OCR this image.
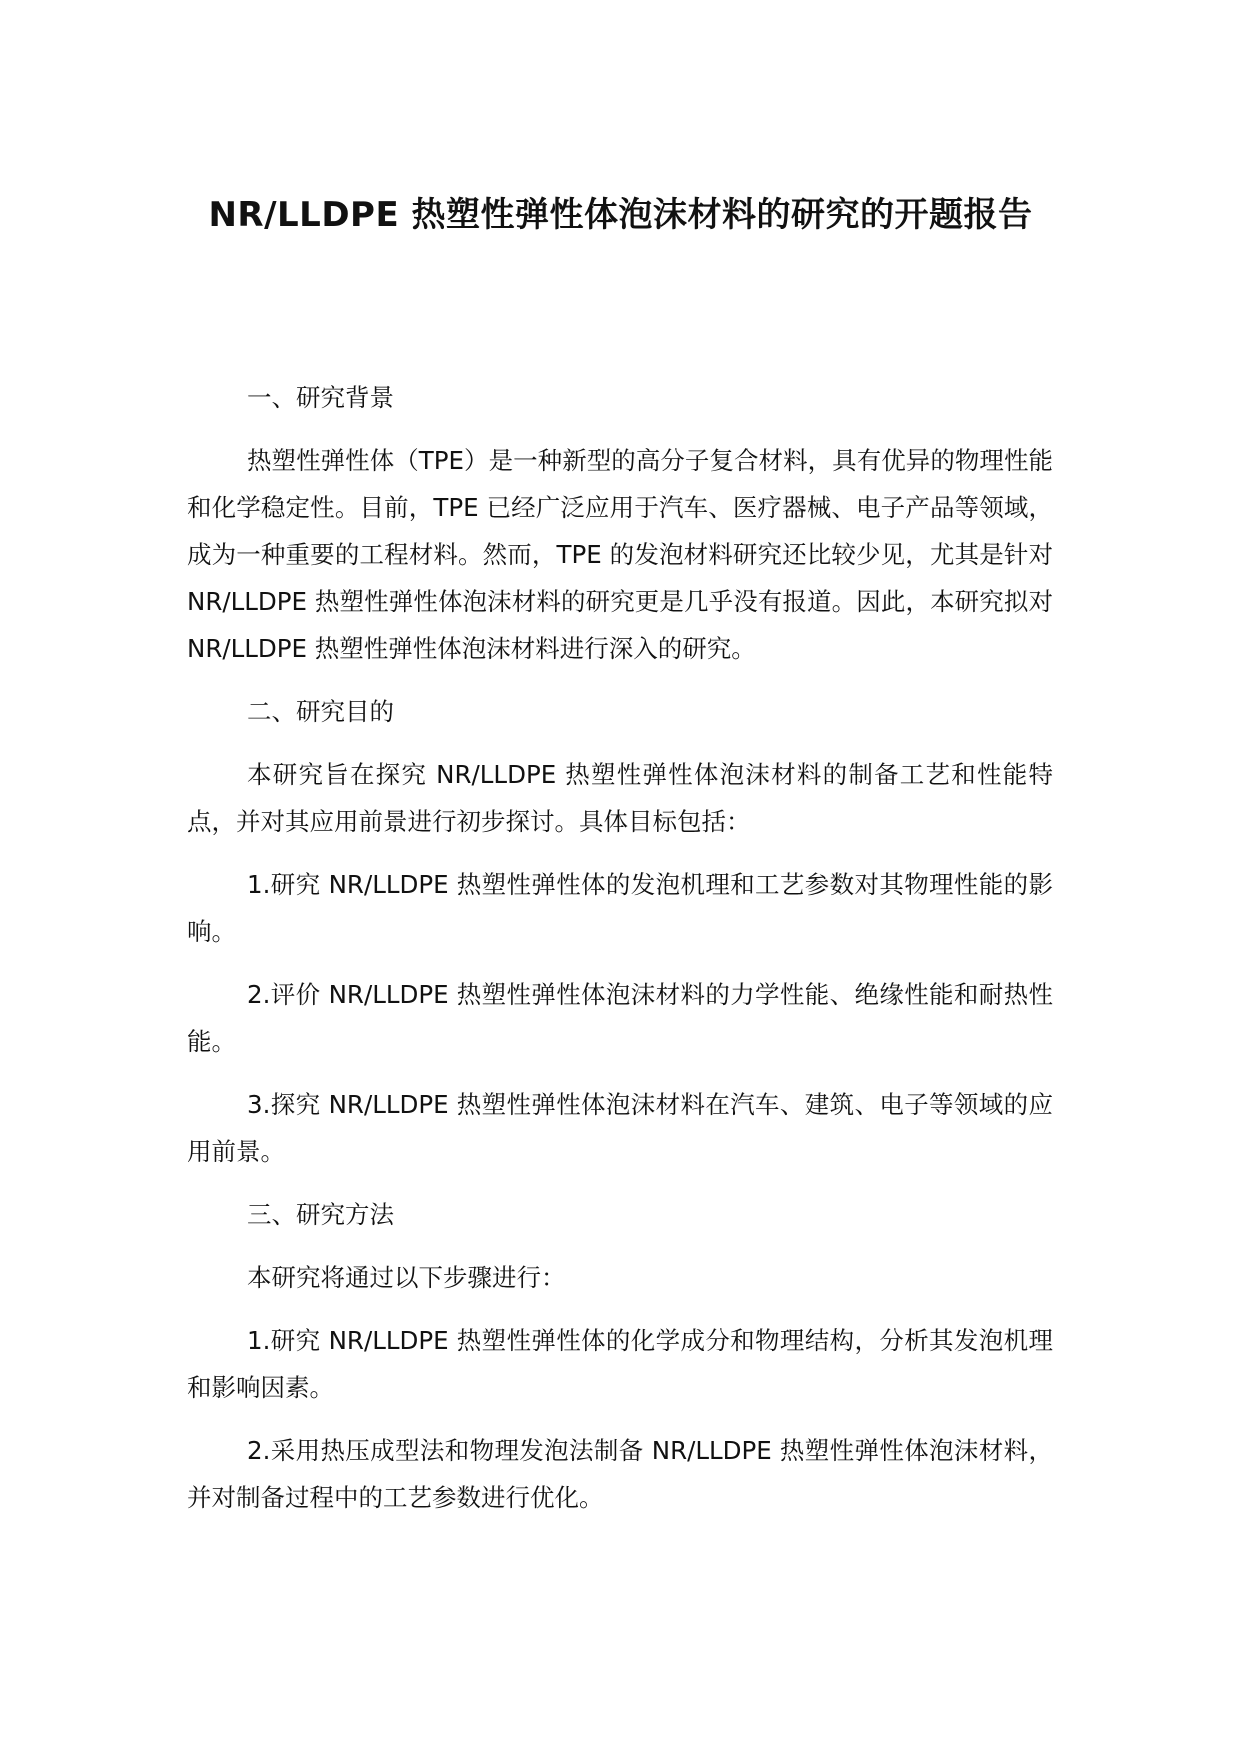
NR/LLDPE 热塑性弹性体泡沫材料的研究的开题报告

一、研究背景

热塑性弹性体（TPE）是一种新型的高分子复合材料，具有优异的物理性能和化学稳定性。目前，TPE 已经广泛应用于汽车、医疗器械、电子产品等领域，成为一种重要的工程材料。然而，TPE 的发泡材料研究还比较少见，尤其是针对 NR/LLDPE 热塑性弹性体泡沫材料的研究更是几乎没有报道。因此，本研究拟对 NR/LLDPE 热塑性弹性体泡沫材料进行深入的研究。

二、研究目的

本研究旨在探究 NR/LLDPE 热塑性弹性体泡沫材料的制备工艺和性能特点，并对其应用前景进行初步探讨。具体目标包括：

1.研究 NR/LLDPE 热塑性弹性体的发泡机理和工艺参数对其物理性能的影响。

2.评价 NR/LLDPE 热塑性弹性体泡沫材料的力学性能、绝缘性能和耐热性能。

3.探究 NR/LLDPE 热塑性弹性体泡沫材料在汽车、建筑、电子等领域的应用前景。

三、研究方法

本研究将通过以下步骤进行：

1.研究 NR/LLDPE 热塑性弹性体的化学成分和物理结构，分析其发泡机理和影响因素。

2.采用热压成型法和物理发泡法制备 NR/LLDPE 热塑性弹性体泡沫材料，并对制备过程中的工艺参数进行优化。
